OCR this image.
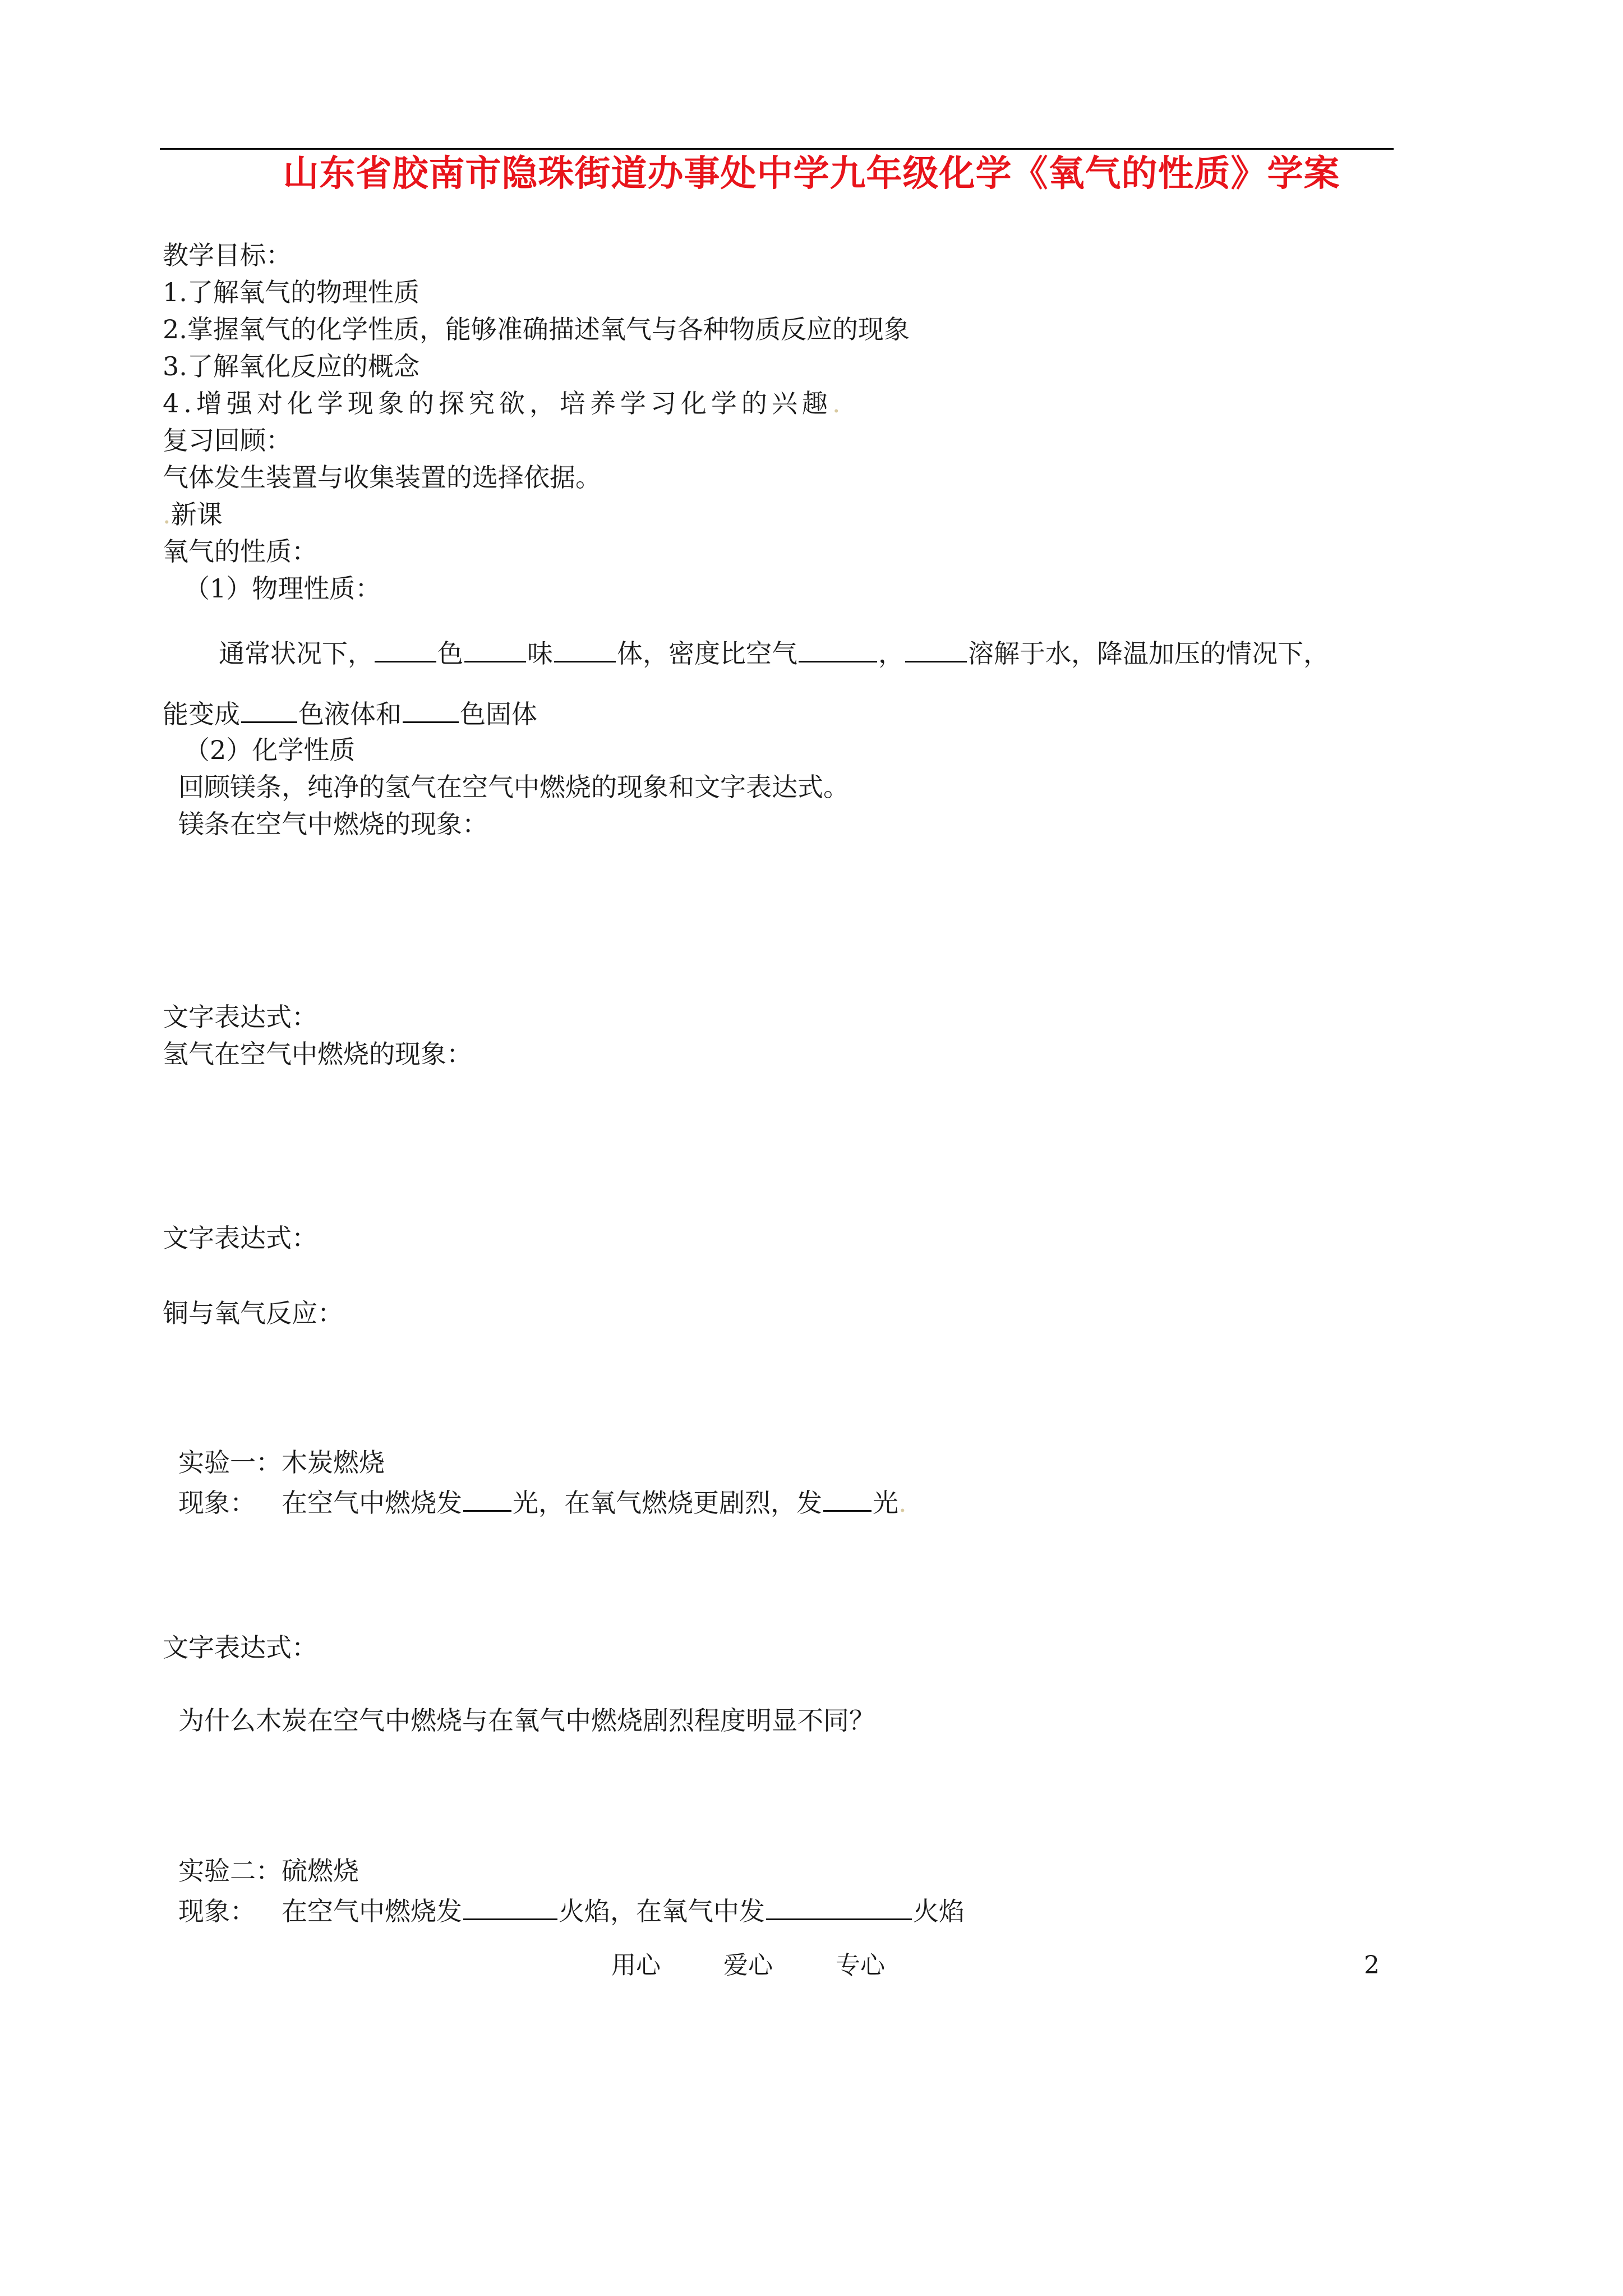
山东省胶南市隐珠街道办事处中学九年级化学《氧气的性质》学案
教学目标：
1.了解氧气的物理性质
2.掌握氧气的化学性质，能够准确描述氧气与各种物质反应的现象
3.了解氧化反应的概念
4.增强对化学现象的探究欲，培养学习化学的兴趣.
复习回顾：
气体发生装置与收集装置的选择依据。
.新课
氧气的性质：
（1）物理性质：
通常状况下， 色 味 体，密度比空气	， 溶解于水，降温加压的情况下，
能变成 色液体和 色固体
（2）化学性质
回顾镁条，纯净的氢气在空气中燃烧的现象和文字表达式。
镁条在空气中燃烧的现象：
文字表达式：
氢气在空气中燃烧的现象：
文字表达式：
铜与氧气反应：
实验一：木炭燃烧
现象： 在空气中燃烧发 光，在氧气燃烧更剧烈，发 光.
文字表达式：
为什么木炭在空气中燃烧与在氧气中燃烧剧烈程度明显不同？
实验二：硫燃烧
现象： 在空气中燃烧发	火焰，在氧气中发	火焰
用心	爱心	专心	2
